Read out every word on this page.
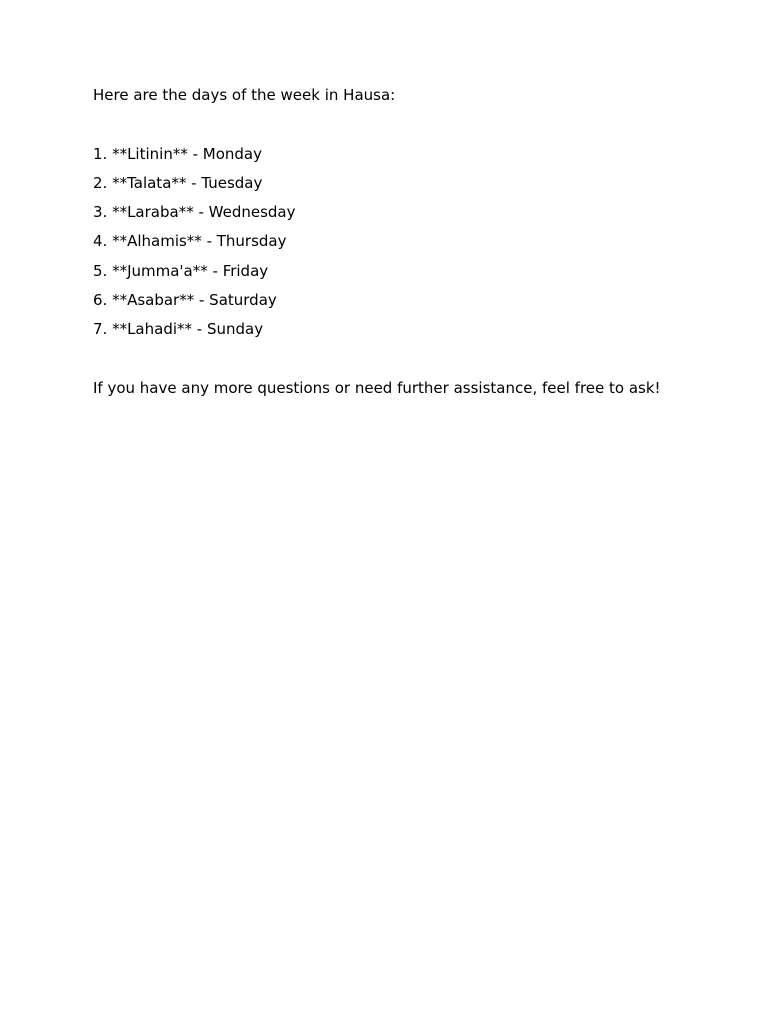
Here are the days of the week in Hausa:

1. **Litinin** - Monday
2. **Talata** - Tuesday
3. **Laraba** - Wednesday
4. **Alhamis** - Thursday
5. **Jumma'a** - Friday
6. **Asabar** - Saturday
7. **Lahadi** - Sunday

If you have any more questions or need further assistance, feel free to ask!
